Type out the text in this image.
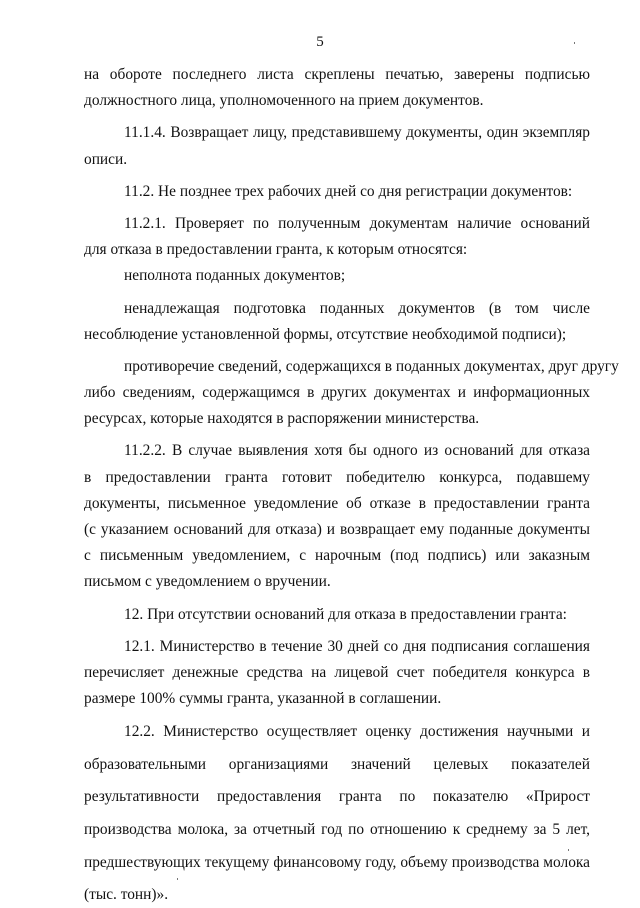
5
на обороте последнего листа скреплены печатью, заверены подписью
должностного лица, уполномоченного на прием документов.
11.1.4. Возвращает лицу, представившему документы, один экземпляр
описи.
11.2. Не позднее трех рабочих дней со дня регистрации документов:
11.2.1. Проверяет по полученным документам наличие оснований
для отказа в предоставлении гранта, к которым относятся:
неполнота поданных документов;
ненадлежащая подготовка поданных документов (в том числе
несоблюдение установленной формы, отсутствие необходимой подписи);
противоречие сведений, содержащихся в поданных документах, друг другу
либо сведениям, содержащимся в других документах и информационных
ресурсах, которые находятся в распоряжении министерства.
11.2.2. В случае выявления хотя бы одного из оснований для отказа
в предоставлении гранта готовит победителю конкурса, подавшему
документы, письменное уведомление об отказе в предоставлении гранта
(с указанием оснований для отказа) и возвращает ему поданные документы
с письменным уведомлением, с нарочным (под подпись) или заказным
письмом с уведомлением о вручении.
12. При отсутствии оснований для отказа в предоставлении гранта:
12.1. Министерство в течение 30 дней со дня подписания соглашения
перечисляет денежные средства на лицевой счет победителя конкурса в
размере 100% суммы гранта, указанной в соглашении.
12.2. Министерство осуществляет оценку достижения научными и
образовательными организациями значений целевых показателей
результативности предоставления гранта по показателю «Прирост
производства молока, за отчетный год по отношению к среднему за 5 лет,
предшествующих текущему финансовому году, объему производства молока
(тыс. тонн)».
